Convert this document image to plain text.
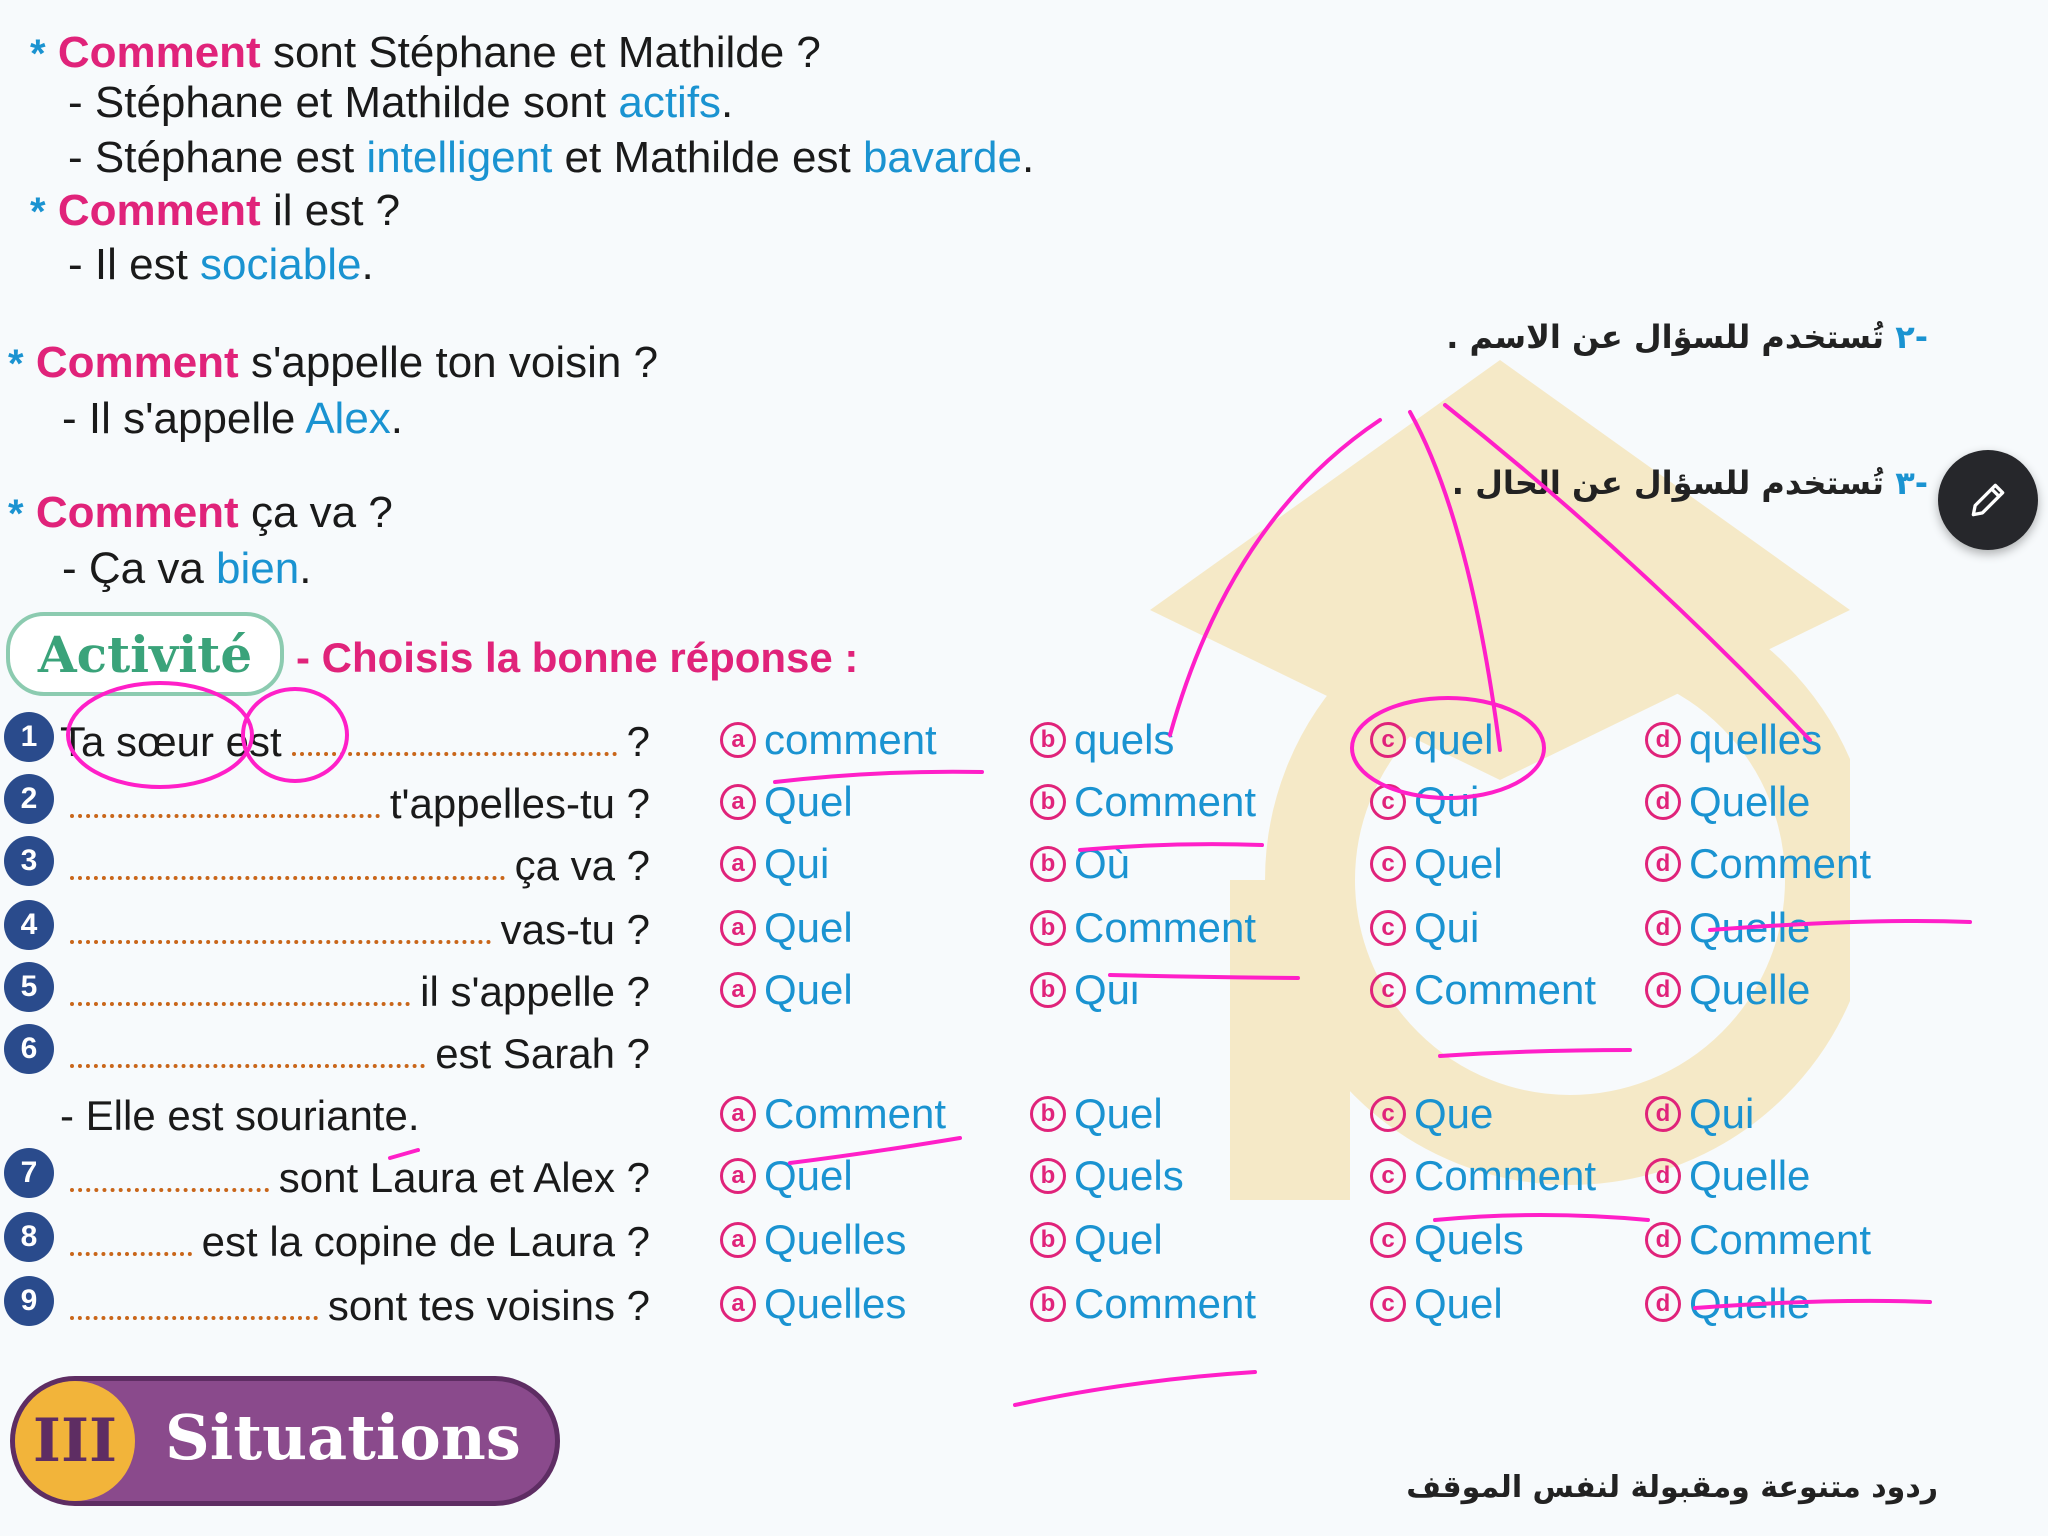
* Comment sont Stéphane et Mathilde ?
- Stéphane et Mathilde sont actifs.
- Stéphane est intelligent et Mathilde est bavarde.
* Comment il est ?
- Il est sociable.
* Comment s'appelle ton voisin ?
- Il s'appelle Alex.
* Comment ça va ?
- Ça va bien.
-٢ تُستخدم للسؤال عن الاسم .
-٣ تُستخدم للسؤال عن الحال .
Activité	- Choisis la bonne réponse :
1 Ta sœur est	?	a comment	b quels	c quel	d quelles
2	t'appelles-tu ?	a Quel	b Comment	c Qui	d Quelle
3	ça va ?	a Qui	b Où	c Quel	d Comment
4	vas-tu ?	a Quel	b Comment	c Qui	d Quelle
5	il s'appelle ?	a Quel	b Qui	c Comment	d Quelle
6	est Sarah ?
- Elle est souriante.	a Comment	b Quel	c Que	d Qui
7	sont Laura et Alex ?	a Quel	b Quels	c Comment	d Quelle
8	est la copine de Laura ?	a Quelles	b Quel	c Quels	d Comment
9	sont tes voisins ?	a Quelles	b Comment	c Quel	d Quelle
III Situations
ردود متنوعة ومقبولة لنفس الموقف
